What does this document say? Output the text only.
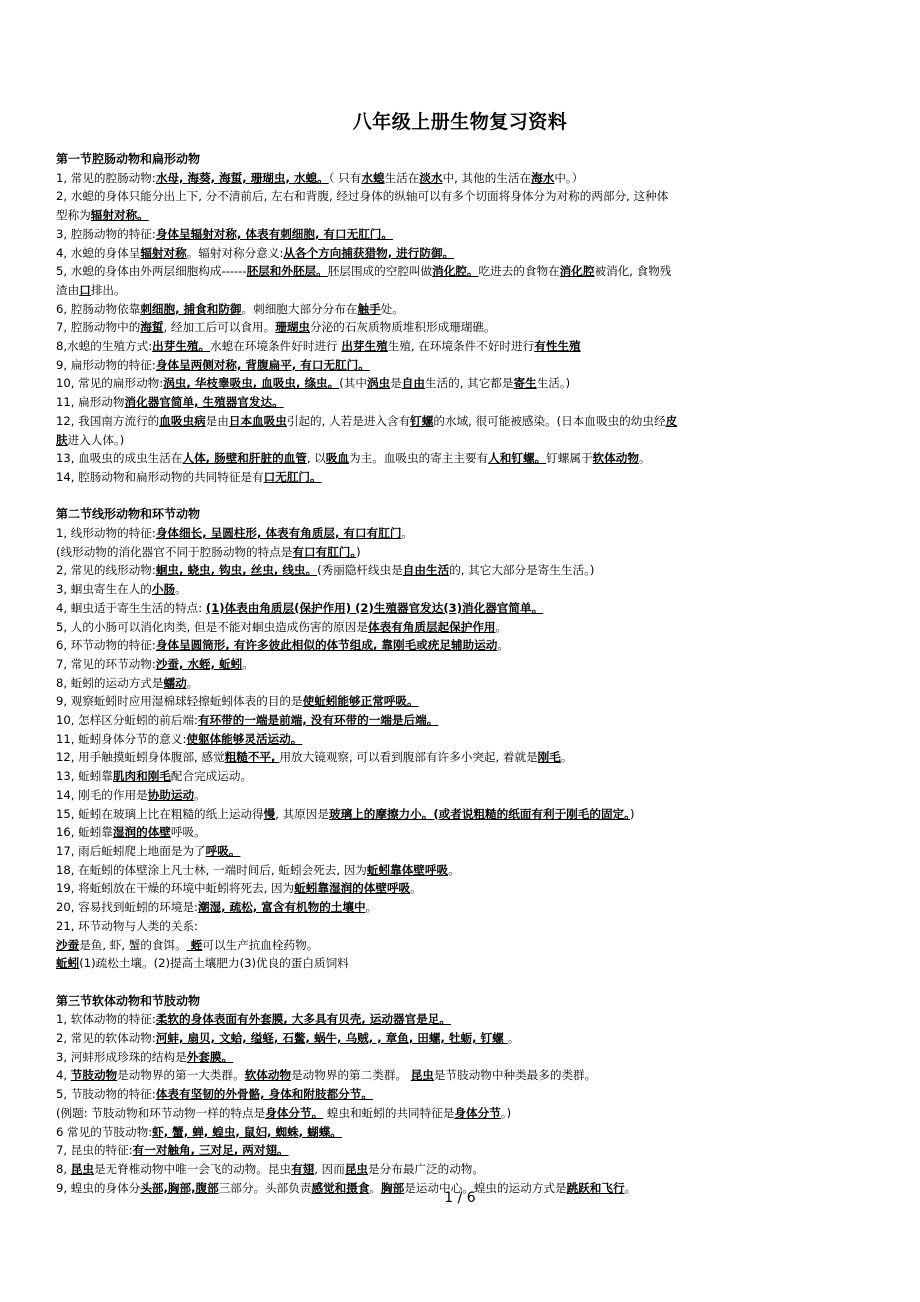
八年级上册生物复习资料
第一节腔肠动物和扁形动物
1, 常见的腔肠动物:水母, 海葵, 海蜇, 珊瑚虫, 水螅。（ 只有水螅生活在淡水中, 其他的生活在海水中。）
2, 水螅的身体只能分出上下, 分不清前后, 左右和背腹, 经过身体的纵轴可以有多个切面将身体分为对称的两部分, 这种体
型称为辐射对称。
3, 腔肠动物的特征:身体呈辐射对称, 体表有刺细胞, 有口无肛门。
4, 水螅的身体呈辐射对称。辐射对称分意义:从各个方向捕获猎物, 进行防御。
5, 水螅的身体由外两层细胞构成------胚层和外胚层。胚层围成的空腔叫做消化腔。吃进去的食物在消化腔被消化, 食物残
渣由口排出。
6, 腔肠动物依靠刺细胞, 捕食和防御。刺细胞大部分分布在触手处。
7, 腔肠动物中的海蜇, 经加工后可以食用。珊瑚虫分泌的石灰质物质堆积形成珊瑚礁。
8,水螅的生殖方式:出芽生殖。水螅在环境条件好时进行 出芽生殖生殖, 在环境条件不好时进行有性生殖
9, 扁形动物的特征:身体呈两侧对称, 背腹扁平, 有口无肛门。
10, 常见的扁形动物:涡虫, 华枝睾吸虫, 血吸虫, 绦虫。(其中涡虫是自由生活的, 其它都是寄生生活。)
11, 扁形动物消化器官简单, 生殖器官发达。
12, 我国南方流行的血吸虫病是由日本血吸虫引起的, 人若是进入含有钉螺的水域, 很可能被感染。(日本血吸虫的幼虫经皮
肤进入人体。)
13, 血吸虫的成虫生活在人体, 肠壁和肝脏的血管, 以吸血为主。血吸虫的寄主主要有人和钉螺。钉螺属于软体动物。
14, 腔肠动物和扁形动物的共同特征是有口无肛门。
第二节线形动物和环节动物
1, 线形动物的特征:身体细长, 呈圆柱形, 体表有角质层, 有口有肛门。
(线形动物的消化器官不同于腔肠动物的特点是有口有肛门。)
2, 常见的线形动物:蛔虫, 蛲虫, 钩虫, 丝虫, 线虫。(秀丽隐杆线虫是自由生活的, 其它大部分是寄生生活。)
3, 蛔虫寄生在人的小肠。
4, 蛔虫适于寄生生活的特点: (1)体表由角质层(保护作用) (2)生殖器官发达(3)消化器官简单。
5, 人的小肠可以消化肉类, 但是不能对蛔虫造成伤害的原因是体表有角质层起保护作用。
6, 环节动物的特征:身体呈圆筒形, 有许多彼此相似的体节组成, 靠刚毛或疣足辅助运动。
7, 常见的环节动物:沙蚕, 水蛭, 蚯蚓。
8, 蚯蚓的运动方式是蠕动。
9, 观察蚯蚓时应用湿棉球轻擦蚯蚓体表的目的是使蚯蚓能够正常呼吸。
10, 怎样区分蚯蚓的前后端:有环带的一端是前端, 没有环带的一端是后端。
11, 蚯蚓身体分节的意义:使躯体能够灵活运动。
12, 用手触摸蚯蚓身体腹部, 感觉粗糙不平, 用放大镜观察, 可以看到腹部有许多小突起, 着就是刚毛。
13, 蚯蚓靠肌肉和刚毛配合完成运动。
14, 刚毛的作用是协助运动。
15, 蚯蚓在玻璃上比在粗糙的纸上运动得慢, 其原因是玻璃上的摩擦力小。(或者说粗糙的纸面有利于刚毛的固定。)
16, 蚯蚓靠湿润的体壁呼吸。
17, 雨后蚯蚓爬上地面是为了呼吸。
18, 在蚯蚓的体壁涂上凡士林, 一端时间后, 蚯蚓会死去, 因为蚯蚓靠体壁呼吸。
19, 将蚯蚓放在干燥的环境中蚯蚓将死去, 因为蚯蚓靠湿润的体壁呼吸。
20, 容易找到蚯蚓的环境是:潮湿, 疏松, 富含有机物的土壤中。
21, 环节动物与人类的关系:
沙蚕是鱼, 虾, 蟹的食饵。 蛭可以生产抗血栓药物。
蚯蚓(1)疏松土壤。(2)提高土壤肥力(3)优良的蛋白质饲料
第三节软体动物和节肢动物
1, 软体动物的特征:柔软的身体表面有外套膜, 大多具有贝壳, 运动器官是足。
2, 常见的软体动物:河蚌, 扇贝, 文蛤, 缢蛏, 石鳖, 蜗牛, 乌贼, , 章鱼, 田螺, 牡蛎, 钉螺 。
3, 河蚌形成珍珠的结构是外套膜。
4, 节肢动物是动物界的第一大类群。软体动物是动物界的第二类群。 昆虫是节肢动物中种类最多的类群。
5, 节肢动物的特征:体表有坚韧的外骨骼, 身体和附肢都分节。
(例题: 节肢动物和环节动物一样的特点是身体分节。 蝗虫和蚯蚓的共同特征是身体分节。)
6 常见的节肢动物:虾, 蟹, 蝉, 蝗虫, 鼠妇, 蜘蛛, 蝴蝶。
7, 昆虫的特征:有一对触角, 三对足, 两对翅。
8, 昆虫是无脊椎动物中唯一会飞的动物。昆虫有翅, 因而昆虫是分布最广泛的动物。
9, 蝗虫的身体分头部,胸部,腹部三部分。头部负责感觉和摄食。胸部是运动中心。蝗虫的运动方式是跳跃和飞行。
1 / 6
